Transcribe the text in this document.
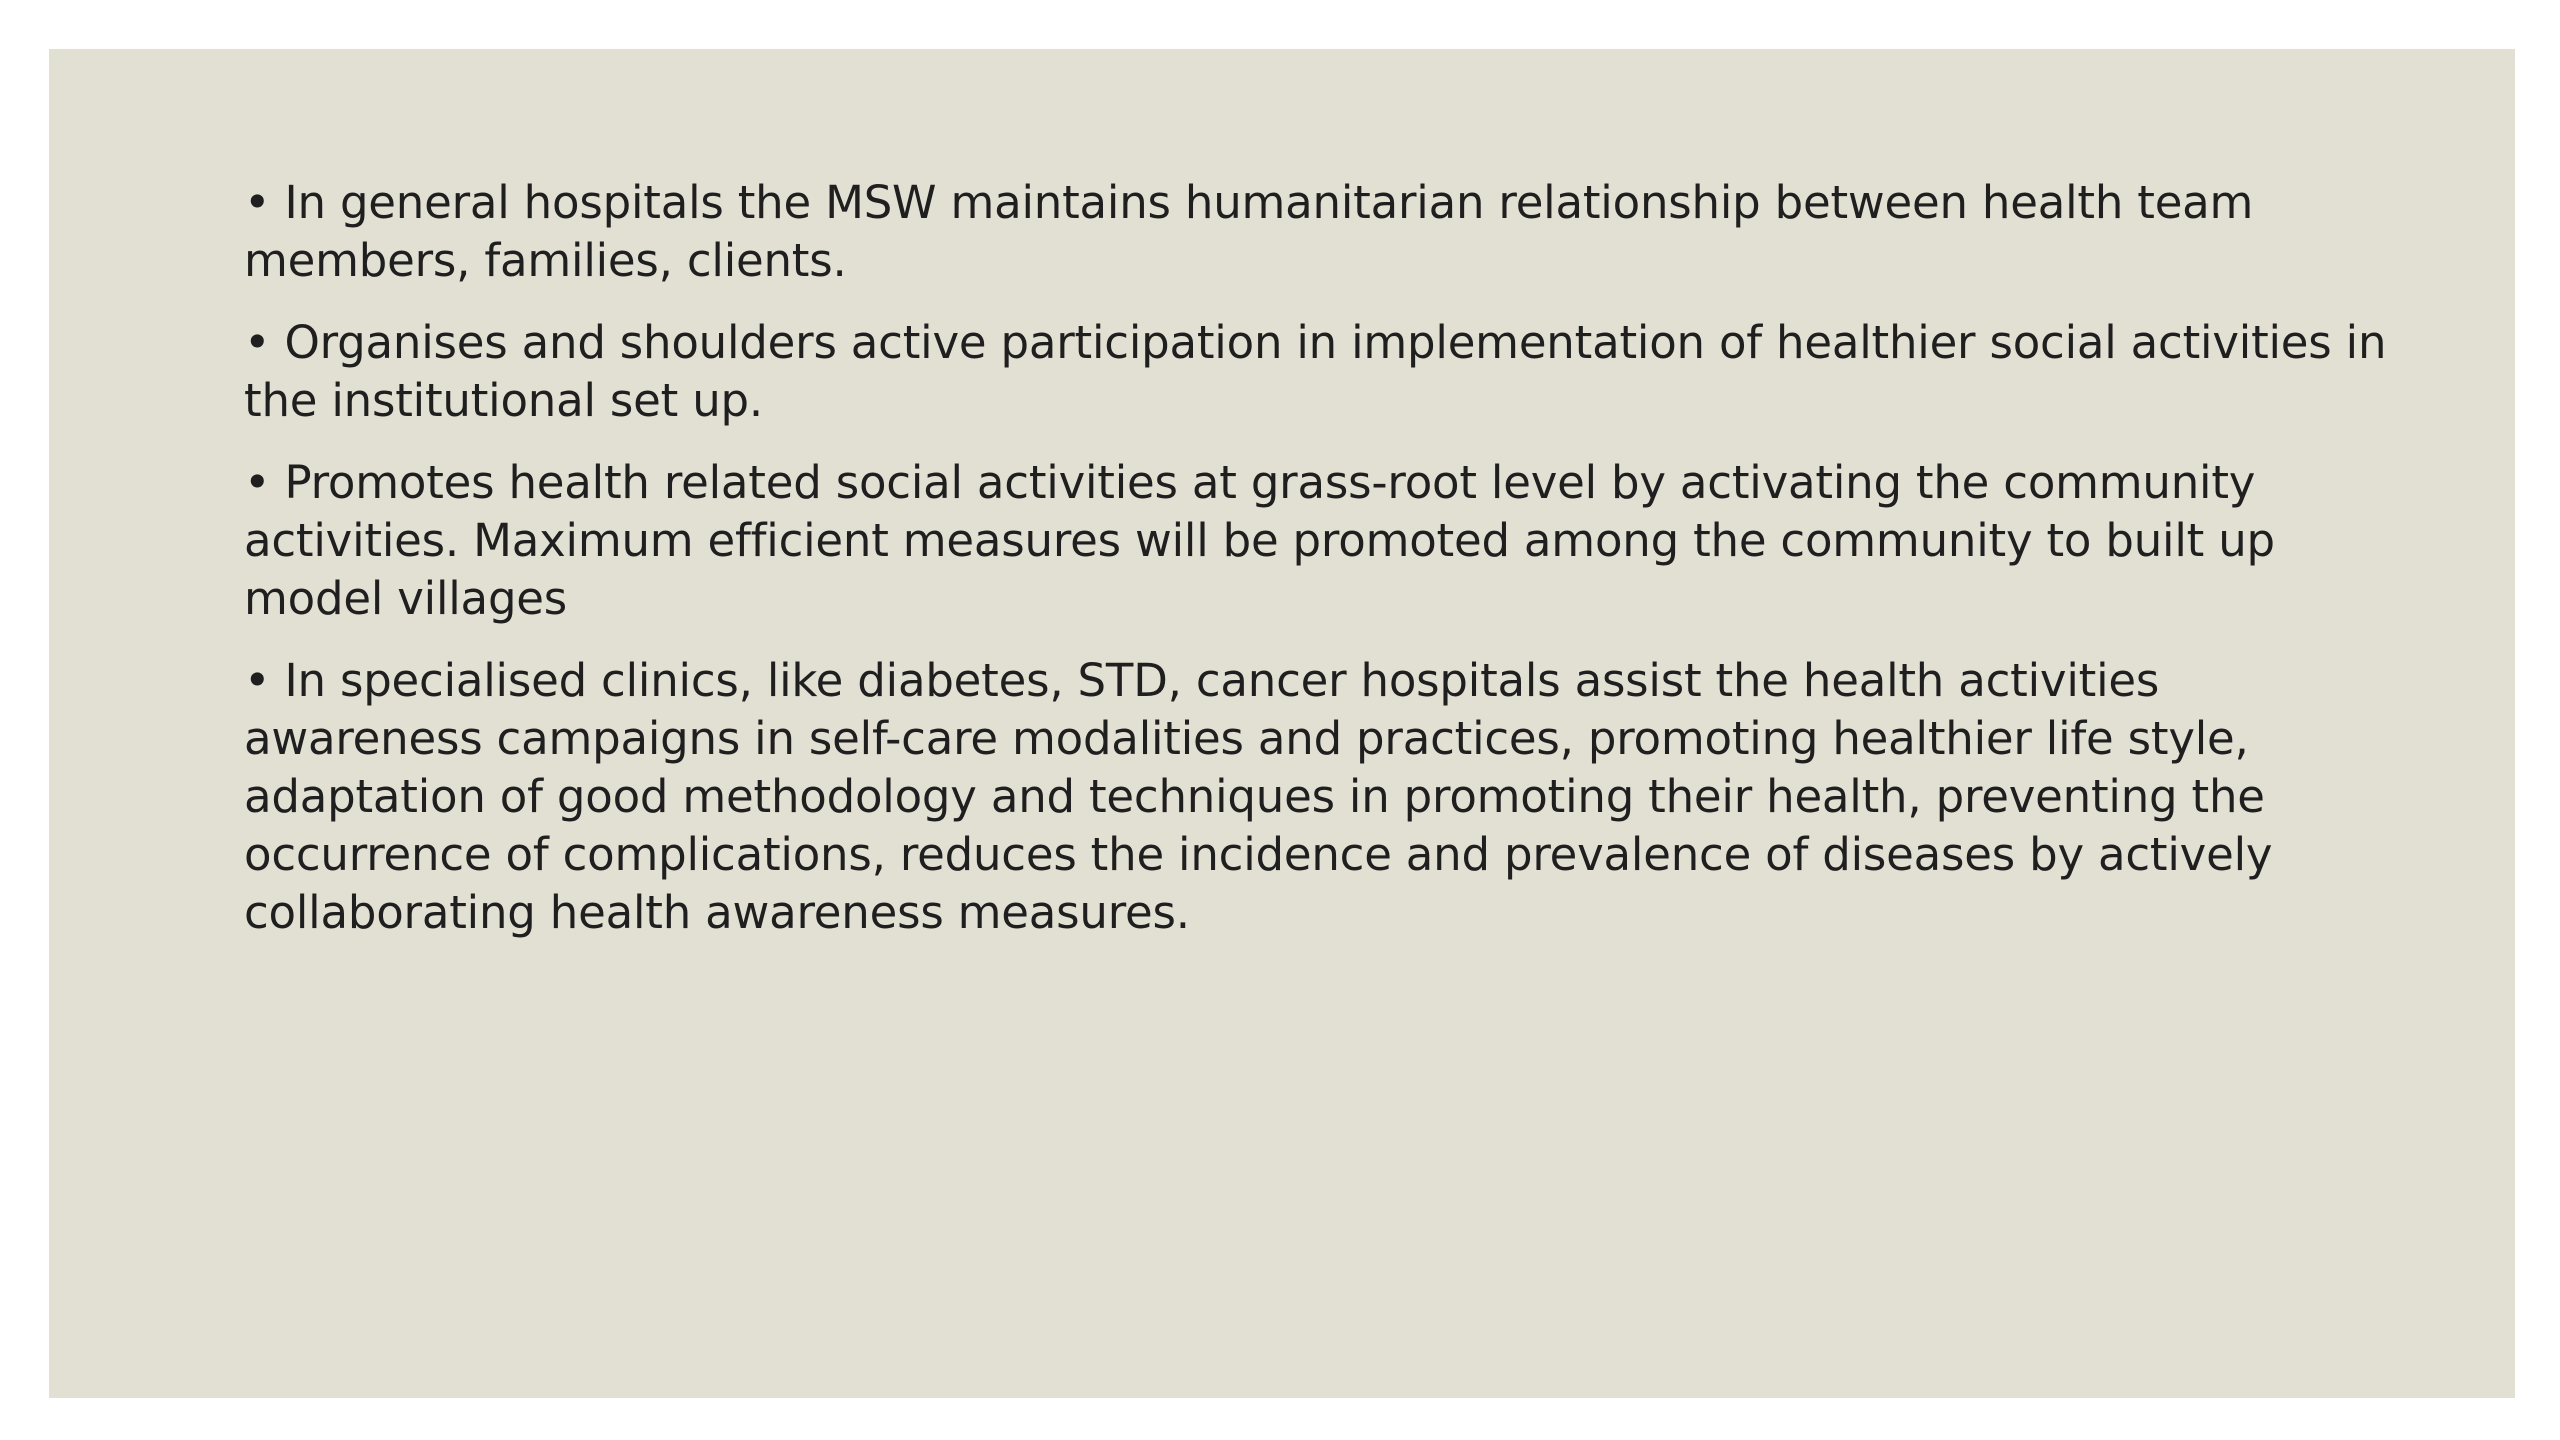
• In general hospitals the MSW maintains humanitarian relationship between health team members, families, clients.

• Organises and shoulders active participation in implementation of healthier social activities in the institutional set up.

• Promotes health related social activities at grass-root level by activating the community activities. Maximum efficient measures will be promoted among the community to built up model villages

• In specialised clinics, like diabetes, STD, cancer hospitals assist the health activities awareness campaigns in self-care modalities and practices, promoting healthier life style, adaptation of good methodology and techniques in promoting their health, preventing the occurrence of complications, reduces the incidence and prevalence of diseases by actively collaborating health awareness measures.
